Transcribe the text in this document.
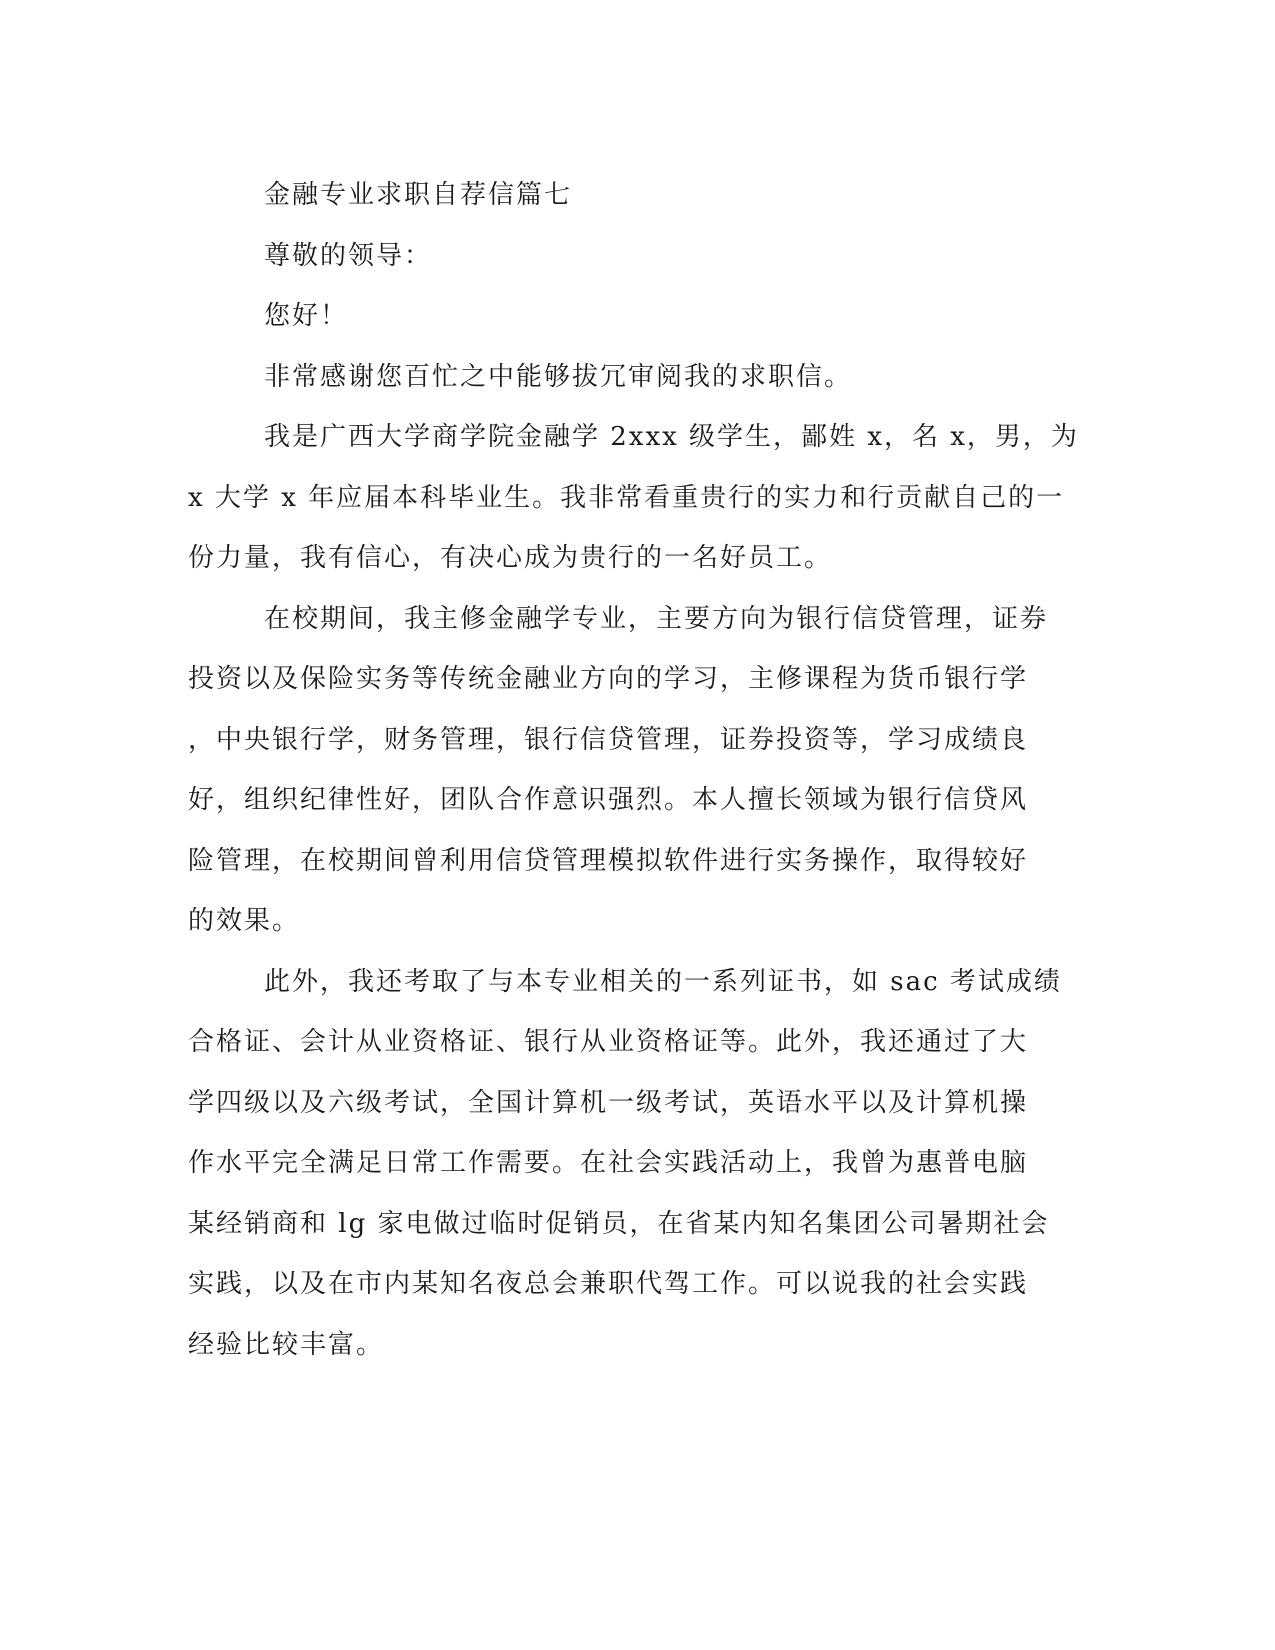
金融专业求职自荐信篇七
尊敬的领导：
您好！
非常感谢您百忙之中能够拔冗审阅我的求职信。
我是广西大学商学院金融学 2xxx 级学生，鄙姓 x，名 x，男，为
x 大学 x 年应届本科毕业生。我非常看重贵行的实力和行贡献自己的一
份力量，我有信心，有决心成为贵行的一名好员工。
在校期间，我主修金融学专业，主要方向为银行信贷管理，证券
投资以及保险实务等传统金融业方向的学习，主修课程为货币银行学
，中央银行学，财务管理，银行信贷管理，证券投资等，学习成绩良
好，组织纪律性好，团队合作意识强烈。本人擅长领域为银行信贷风
险管理，在校期间曾利用信贷管理模拟软件进行实务操作，取得较好
的效果。
此外，我还考取了与本专业相关的一系列证书，如 sac 考试成绩
合格证、会计从业资格证、银行从业资格证等。此外，我还通过了大
学四级以及六级考试，全国计算机一级考试，英语水平以及计算机操
作水平完全满足日常工作需要。在社会实践活动上，我曾为惠普电脑
某经销商和 lg 家电做过临时促销员，在省某内知名集团公司暑期社会
实践，以及在市内某知名夜总会兼职代驾工作。可以说我的社会实践
经验比较丰富。
